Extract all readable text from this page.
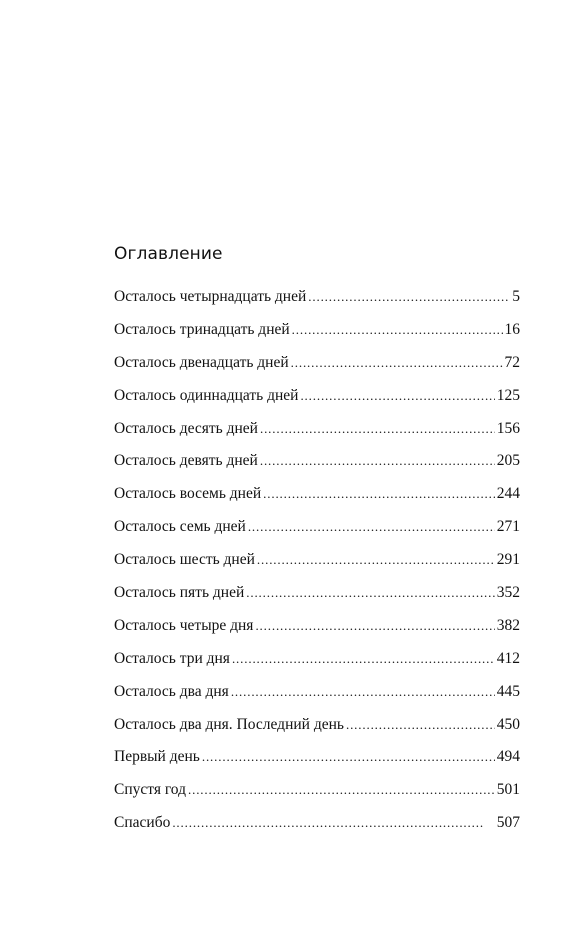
Оглавление
Осталось четырнадцать дней . . .	5
Осталось тринадцать дней . . .	16
Осталось двенадцать дней . . .	72
Осталось одиннадцать дней . . .	125
Осталось десять дней . . .	156
Осталось девять дней . . .	205
Осталось восемь дней . . .	244
Осталось семь дней . . .	271
Осталось шесть дней . . .	291
Осталось пять дней . . .	352
Осталось четыре дня . . .	382
Осталось три дня . . .	412
Осталось два дня . . .	445
Осталось два дня. Последний день . . .	450
Первый день . . .	494
Спустя год . . .	501
Спасибо . . .	507
